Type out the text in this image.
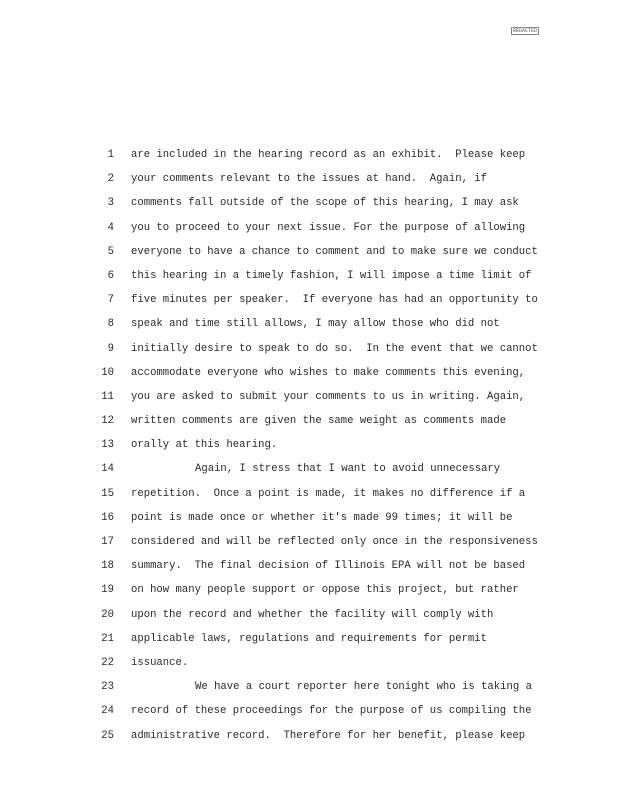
REDACTED
1 are included in the hearing record as an exhibit.  Please keep
2 your comments relevant to the issues at hand.  Again, if
3 comments fall outside of the scope of this hearing, I may ask
4 you to proceed to your next issue. For the purpose of allowing
5 everyone to have a chance to comment and to make sure we conduct
6 this hearing in a timely fashion, I will impose a time limit of
7 five minutes per speaker.  If everyone has had an opportunity to
8 speak and time still allows, I may allow those who did not
9 initially desire to speak to do so.  In the event that we cannot
10 accommodate everyone who wishes to make comments this evening,
11 you are asked to submit your comments to us in writing. Again,
12 written comments are given the same weight as comments made
13 orally at this hearing.
14	Again, I stress that I want to avoid unnecessary
15 repetition.  Once a point is made, it makes no difference if a
16 point is made once or whether it's made 99 times; it will be
17 considered and will be reflected only once in the responsiveness
18 summary.  The final decision of Illinois EPA will not be based
19 on how many people support or oppose this project, but rather
20 upon the record and whether the facility will comply with
21 applicable laws, regulations and requirements for permit
22 issuance.
23	We have a court reporter here tonight who is taking a
24 record of these proceedings for the purpose of us compiling the
25 administrative record.  Therefore for her benefit, please keep
